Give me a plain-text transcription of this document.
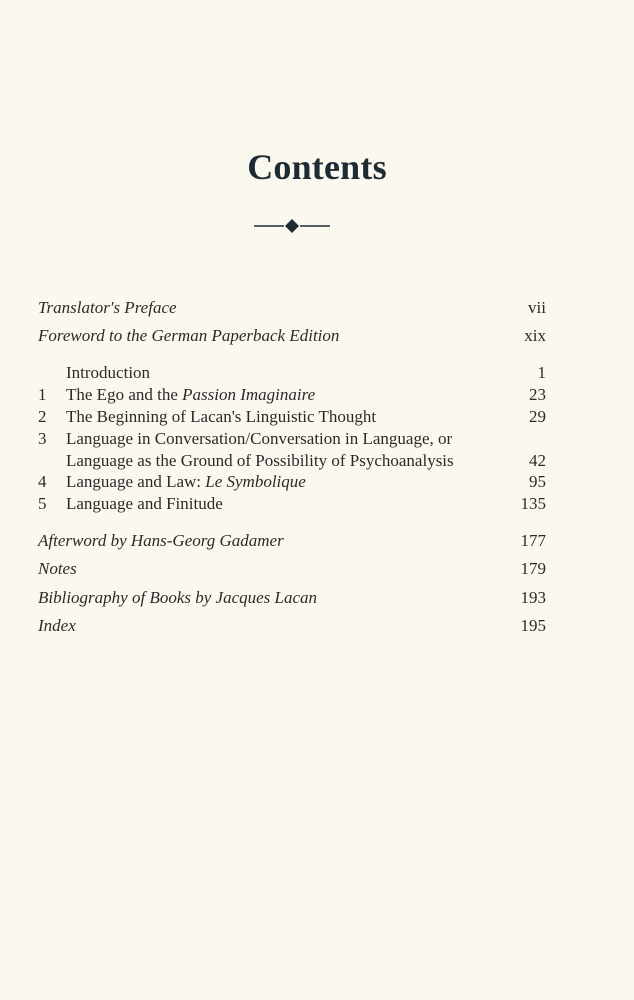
Contents
Translator's Preface	vii
Foreword to the German Paperback Edition	xix
Introduction	1
1	The Ego and the Passion Imaginaire	23
2	The Beginning of Lacan's Linguistic Thought	29
3	Language in Conversation/Conversation in Language, or
Language as the Ground of Possibility of Psychoanalysis	42
4	Language and Law: Le Symbolique	95
5	Language and Finitude	135
Afterword by Hans-Georg Gadamer	177
Notes	179
Bibliography of Books by Jacques Lacan	193
Index	195
